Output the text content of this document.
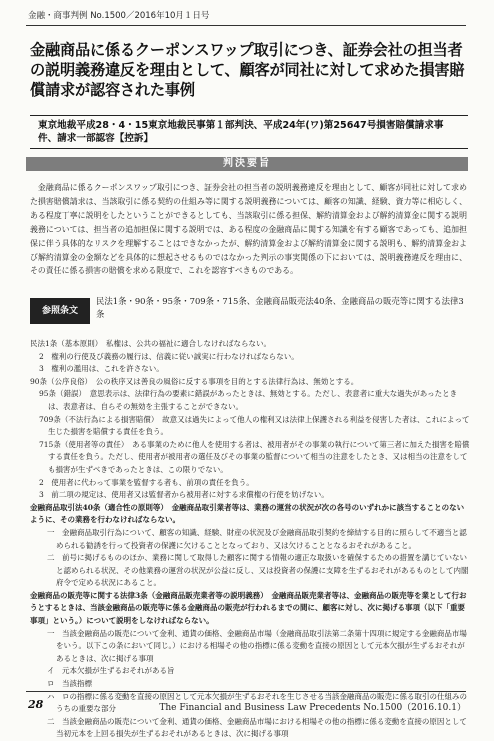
金融・商事判例 No.1500／2016年10月１日号
金融商品に係るクーポンスワップ取引につき、証券会社の担当者の説明義務違反を理由として、顧客が同社に対して求めた損害賠償請求が認容された事例
東京地裁平成28・4・15東京地裁民事第１部判決、平成24年(ワ)第25647号損害賠償請求事件、請求一部認容【控訴】
判決要旨
金融商品に係るクーポンスワップ取引につき、証券会社の担当者の説明義務違反を理由として、顧客が同社に対して求めた損害賠償請求は、当該取引に係る契約の仕組み等に関する説明義務については、顧客の知識、経験、資力等に相応しく、ある程度丁寧に説明をしたということができるとしても、当該取引に係る担保、解約清算金および解約清算金に関する説明義務については、担当者の追加担保に関する説明では、ある程度の金融商品に関する知識を有する顧客であっても、追加担保に伴う具体的なリスクを理解することはできなかったが、解約清算金および解約清算金に関する説明も、解約清算金および解約清算金の金額などを具体的に想起させるものではなかった判示の事実関係の下においては、説明義務違反を理由に、その責任に係る損害の賠償を求める限度で、これを認容すべきものである。
参照条文
民法1条・90条・95条・709条・715条、金融商品販売法40条、金融商品の販売等に関する法律3条
民法1条（基本原則）　私権は、公共の福祉に適合しなければならない。
2　権利の行使及び義務の履行は、信義に従い誠実に行わなければならない。
3　権利の濫用は、これを許さない。
90条（公序良俗）　公の秩序又は善良の風俗に反する事項を目的とする法律行為は、無効とする。
95条（錯誤）　意思表示は、法律行為の要素に錯誤があったときは、無効とする。ただし、表意者に重大な過失があったときは、表意者は、自らその無効を主張することができない。
709条（不法行為による損害賠償）　故意又は過失によって他人の権利又は法律上保護される利益を侵害した者は、これによって生じた損害を賠償する責任を負う。
715条（使用者等の責任）　ある事業のために他人を使用する者は、被用者がその事業の執行について第三者に加えた損害を賠償する責任を負う。ただし、使用者が被用者の選任及びその事業の監督について相当の注意をしたとき、又は相当の注意をしても損害が生ずべきであったときは、この限りでない。
2　使用者に代わって事業を監督する者も、前項の責任を負う。
3　前二項の規定は、使用者又は監督者から被用者に対する求償権の行使を妨げない。
金融商品取引法40条（適合性の原則等）　金融商品取引業者等は、業務の運営の状況が次の各号のいずれかに該当することのないように、その業務を行わなければならない。
一　金融商品取引行為について、顧客の知識、経験、財産の状況及び金融商品取引契約を締結する目的に照らして不適当と認められる勧誘を行って投資者の保護に欠けることとなっており、又は欠けることとなるおそれがあること。
二　前号に掲げるもののほか、業務に関して取得した顧客に関する情報の適正な取扱いを確保するための措置を講じていないと認められる状況、その他業務の運営の状況が公益に反し、又は投資者の保護に支障を生ずるおそれがあるものとして内閣府令で定める状況にあること。
金融商品の販売等に関する法律3条（金融商品販売業者等の説明義務）　金融商品販売業者等は、金融商品の販売等を業として行おうとするときは、当該金融商品の販売等に係る金融商品の販売が行われるまでの間に、顧客に対し、次に掲げる事項（以下「重要事項」という。）について説明をしなければならない。
一　当該金融商品の販売について金利、通貨の価格、金融商品市場（金融商品取引法第二条第十四項に規定する金融商品市場をいう。以下この条において同じ。）における相場その他の指標に係る変動を直接の原因として元本欠損が生ずるおそれがあるときは、次に掲げる事項
イ　元本欠損が生ずるおそれがある旨
ロ　当該指標
ハ　ロの指標に係る変動を直接の原因として元本欠損が生ずるおそれを生じさせる当該金融商品の販売に係る取引の仕組みのうちの重要な部分
二　当該金融商品の販売について金利、通貨の価格、金融商品市場における相場その他の指標に係る変動を直接の原因として当初元本を上回る損失が生ずるおそれがあるときは、次に掲げる事項
28	The Financial and Business Law Precedents No.1500（2016.10.1）
